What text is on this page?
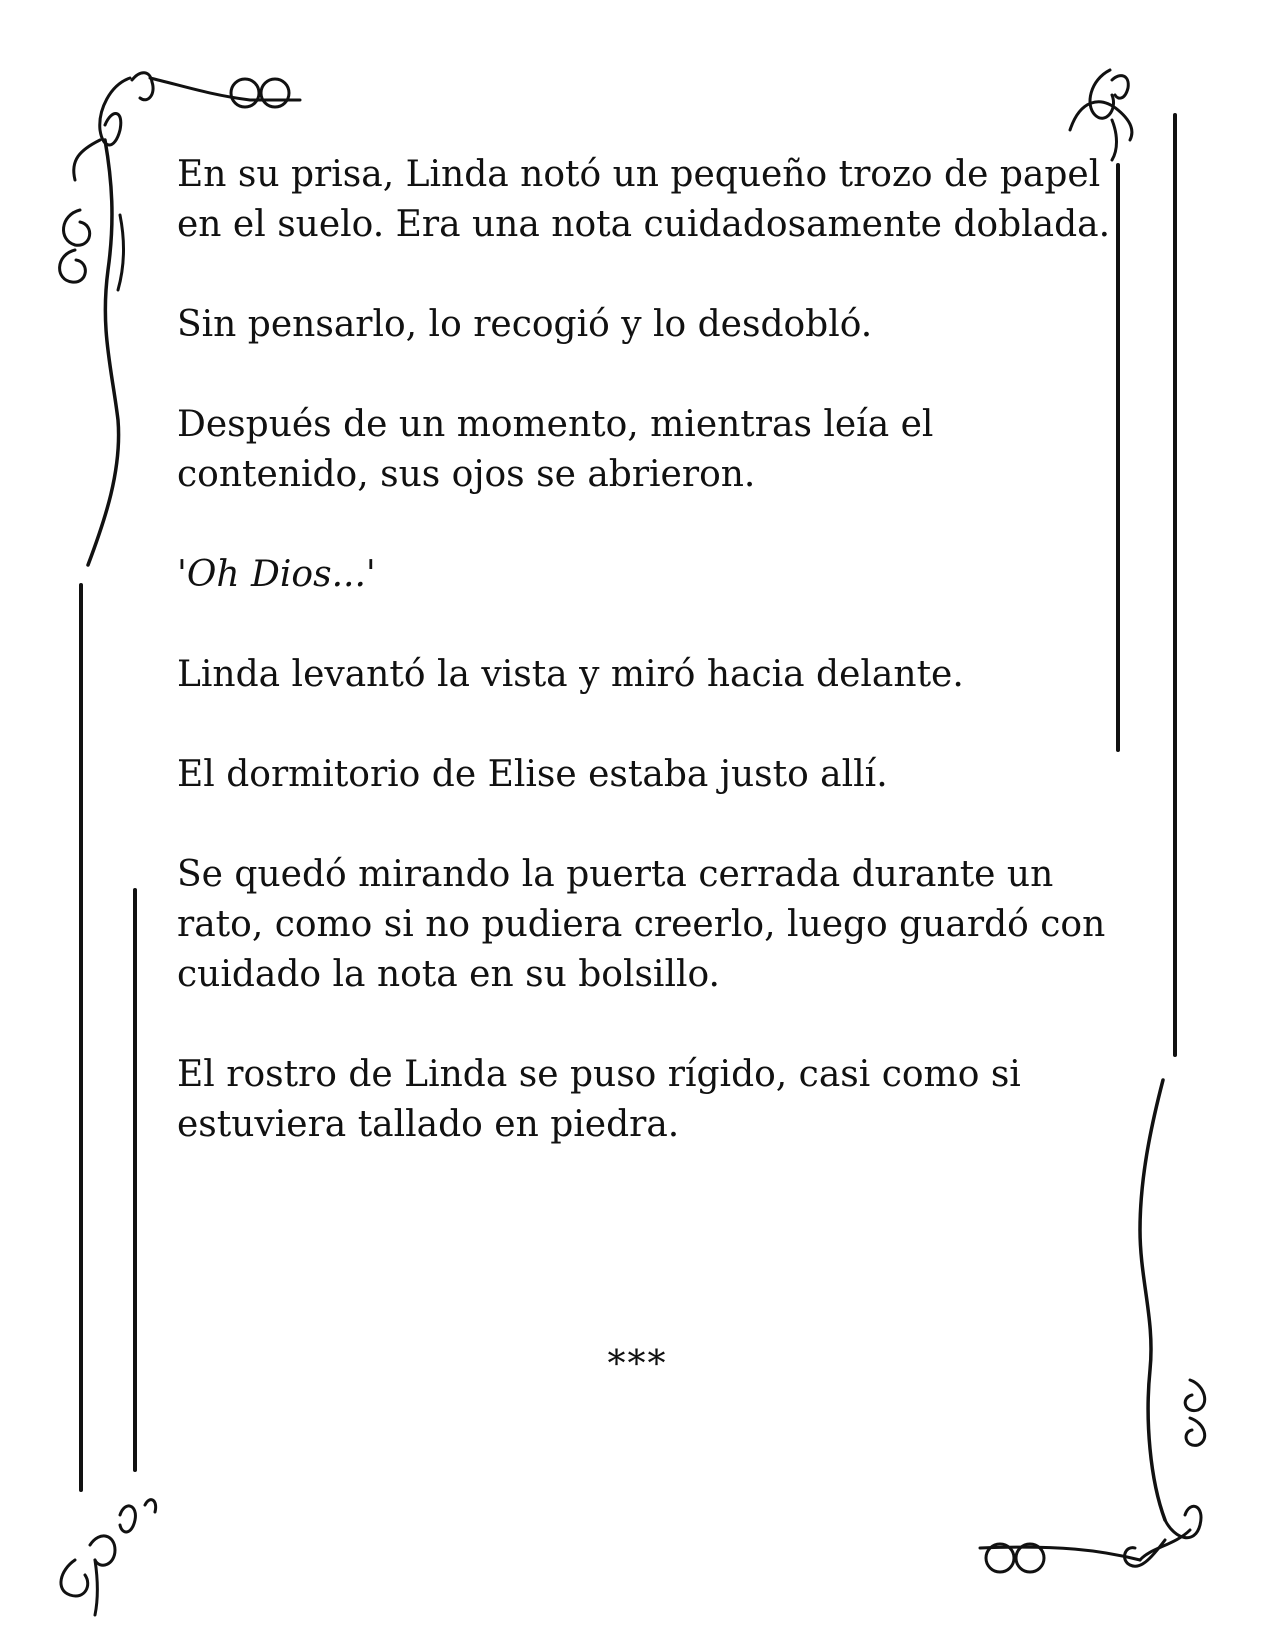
En su prisa, Linda notó un pequeño trozo de papel en el suelo. Era una nota cuidadosamente doblada.

Sin pensarlo, lo recogió y lo desdobló.

Después de un momento, mientras leía el contenido, sus ojos se abrieron.

'Oh Dios...'

Linda levantó la vista y miró hacia delante.

El dormitorio de Elise estaba justo allí.

Se quedó mirando la puerta cerrada durante un rato, como si no pudiera creerlo, luego guardó con cuidado la nota en su bolsillo.

El rostro de Linda se puso rígido, casi como si estuviera tallado en piedra.

***
